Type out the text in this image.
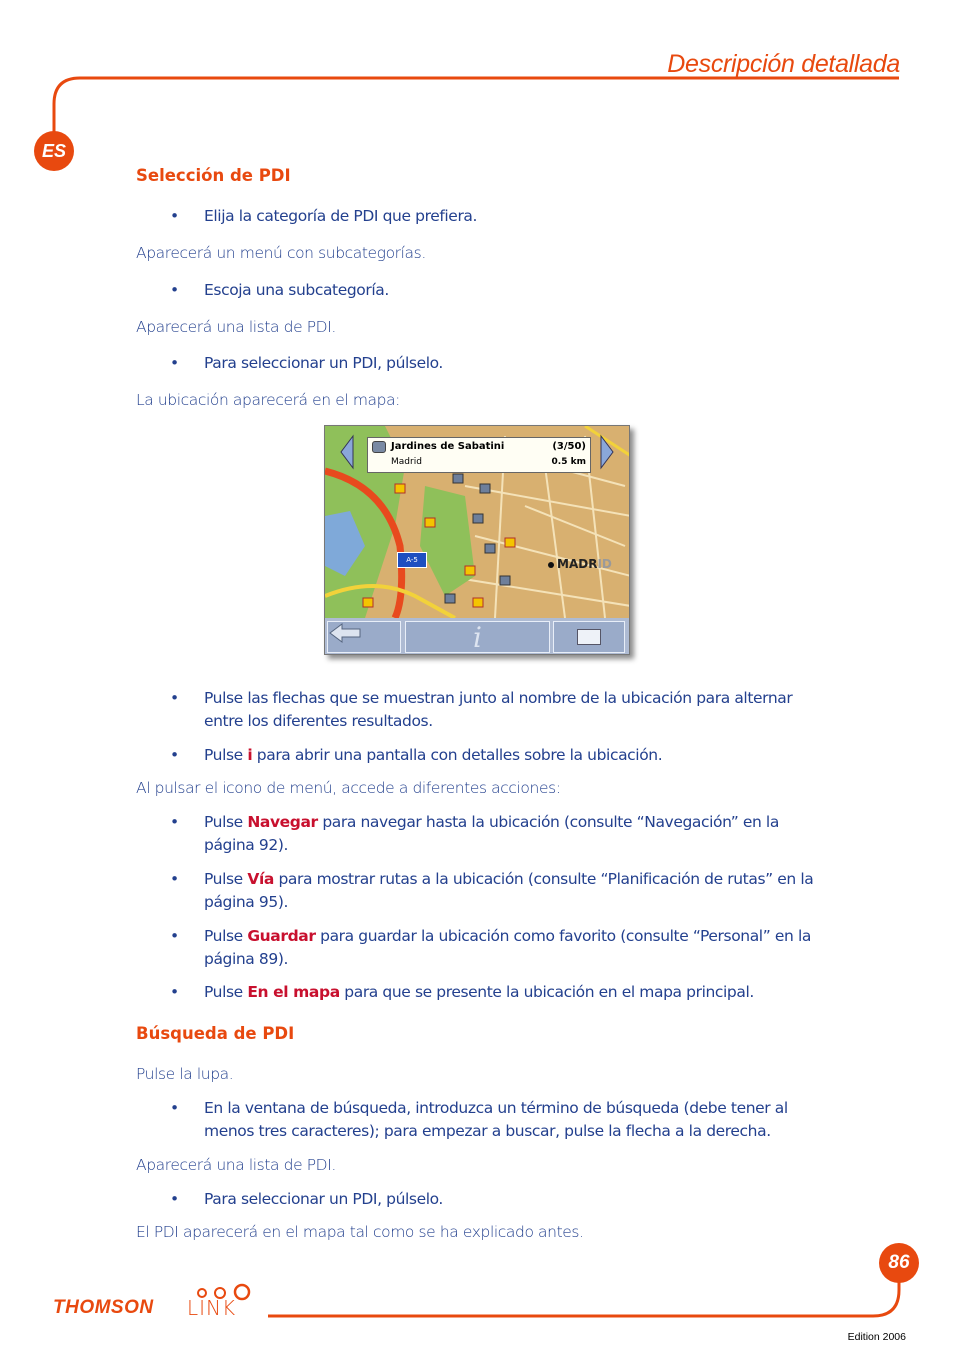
Descripción detallada
ES
Selección de PDI
• Elija la categoría de PDI que prefiera.
Aparecerá un menú con subcategorías.
• Escoja una subcategoría.
Aparecerá una lista de PDI.
• Para seleccionar un PDI, púlselo.
La ubicación aparecerá en el mapa:
Jardines de Sabatini	(3/50)
Madrid	0.5 km
A-5	MADRID
i
• Pulse las flechas que se muestran junto al nombre de la ubicación para alternar entre los diferentes resultados.
• Pulse i para abrir una pantalla con detalles sobre la ubicación.
Al pulsar el icono de menú, accede a diferentes acciones:
• Pulse Navegar para navegar hasta la ubicación (consulte “Navegación” en la página 92).
• Pulse Vía para mostrar rutas a la ubicación (consulte “Planificación de rutas” en la página 95).
• Pulse Guardar para guardar la ubicación como favorito (consulte “Personal” en la página 89).
• Pulse En el mapa para que se presente la ubicación en el mapa principal.
Búsqueda de PDI
Pulse la lupa.
• En la ventana de búsqueda, introduzca un término de búsqueda (debe tener al menos tres caracteres); para empezar a buscar, pulse la flecha a la derecha.
Aparecerá una lista de PDI.
• Para seleccionar un PDI, púlselo.
El PDI aparecerá en el mapa tal como se ha explicado antes.
86
THOMSON LINK
Edition 2006
